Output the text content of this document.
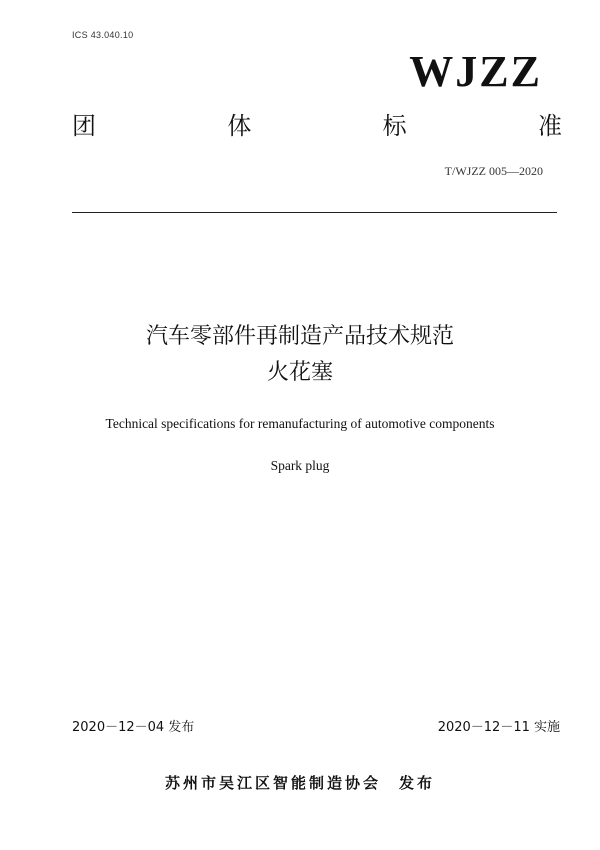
ICS 43.040.10
WJZZ
团	体	标	准
T/WJZZ 005—2020
汽车零部件再制造产品技术规范
火花塞
Technical specifications for remanufacturing of automotive components
Spark plug
2020－12－04 发布	2020－12－11 实施
苏州市吴江区智能制造协会 发布
